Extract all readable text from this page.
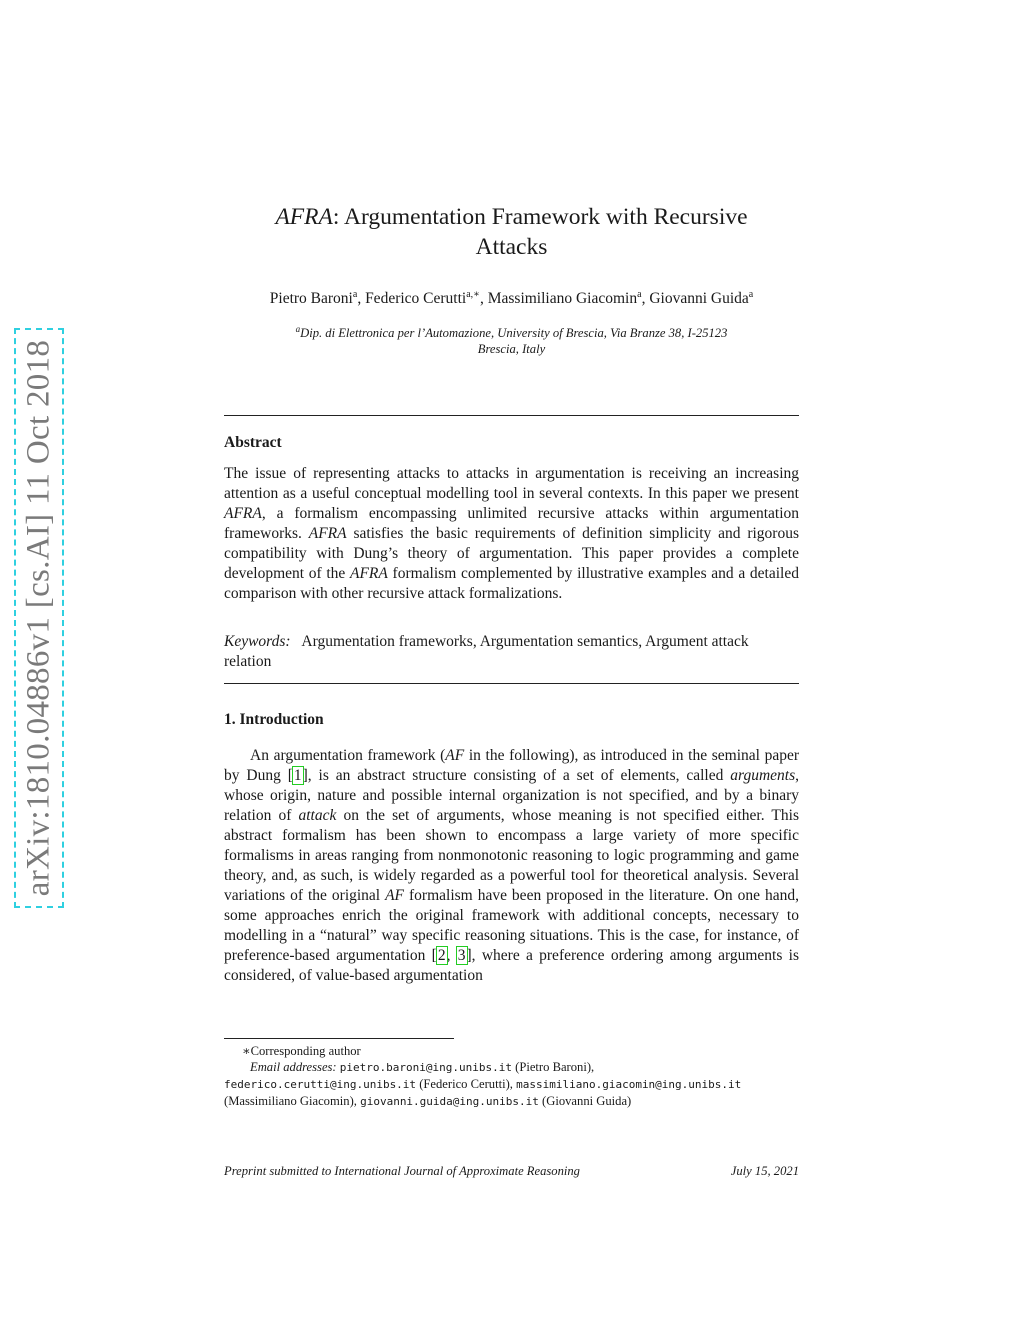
arXiv:1810.04886v1 [cs.AI] 11 Oct 2018
AFRA: Argumentation Framework with Recursive
Attacks
Pietro Baroni$^a$, Federico Cerutti$^{a,∗}$, Massimiliano Giacomin$^a$, Giovanni Guida$^a$
$^a$Dip. di Elettronica per l’Automazione, University of Brescia, Via Branze 38, I-25123
Brescia, Italy
Abstract

The issue of representing attacks to attacks in argumentation is receiving an increasing attention as a useful conceptual modelling tool in several contexts. In this paper we present AFRA, a formalism encompassing unlimited recursive attacks within argumentation frameworks. AFRA satisfies the basic requirements of definition simplicity and rigorous compatibility with Dung’s theory of argumentation. This paper provides a complete development of the AFRA formalism complemented by illustrative examples and a detailed comparison with other recursive attack formalizations.

Keywords: Argumentation frameworks, Argumentation semantics, Argument attack relation

1. Introduction

An argumentation framework (AF in the following), as introduced in the seminal paper by Dung [1], is an abstract structure consisting of a set of elements, called arguments, whose origin, nature and possible internal organization is not specified, and by a binary relation of attack on the set of arguments, whose meaning is not specified either. This abstract formalism has been shown to encompass a large variety of more specific formalisms in areas ranging from nonmonotonic reasoning to logic programming and game theory, and, as such, is widely regarded as a powerful tool for theoretical analysis. Several variations of the original AF formalism have been proposed in the literature. On one hand, some approaches enrich the original framework with additional concepts, necessary to modelling in a “natural” way specific reasoning situations. This is the case, for instance, of preference-based argumentation [2, 3], where a preference ordering among arguments is considered, of value-based argumentation

∗Corresponding author

Email addresses: pietro.baroni@ing.unibs.it (Pietro Baroni),

federico.cerutti@ing.unibs.it (Federico Cerutti), massimiliano.giacomin@ing.unibs.it

(Massimiliano Giacomin), giovanni.guida@ing.unibs.it (Giovanni Guida)

Preprint submitted to International Journal of Approximate Reasoning	July 15, 2021
